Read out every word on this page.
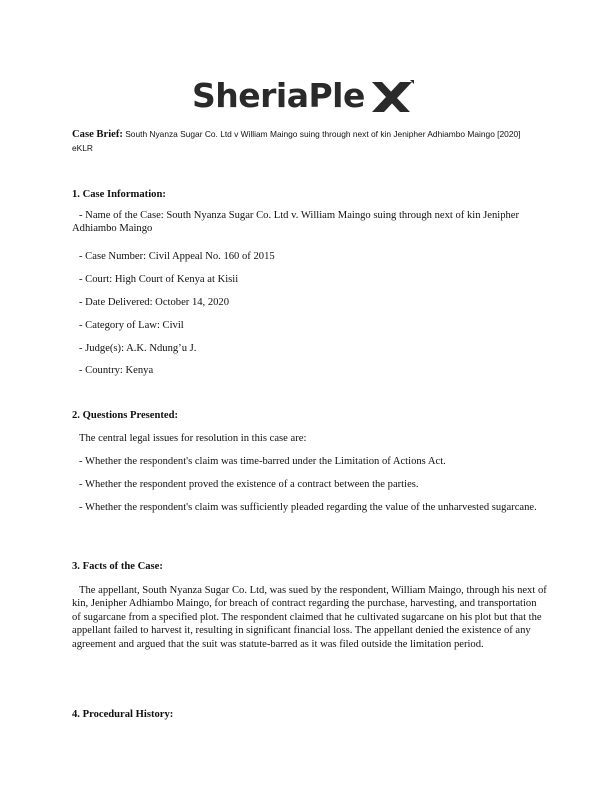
SheriaPle
Case Brief: South Nyanza Sugar Co. Ltd v William Maingo suing through next of kin Jenipher Adhiambo Maingo [2020] eKLR
1. Case Information:
- Name of the Case: South Nyanza Sugar Co. Ltd v. William Maingo suing through next of kin Jenipher Adhiambo Maingo
- Case Number: Civil Appeal No. 160 of 2015
- Court: High Court of Kenya at Kisii
- Date Delivered: October 14, 2020
- Category of Law: Civil
- Judge(s): A.K. Ndung’u J.
- Country: Kenya
2. Questions Presented:
The central legal issues for resolution in this case are:
- Whether the respondent's claim was time-barred under the Limitation of Actions Act.
- Whether the respondent proved the existence of a contract between the parties.
- Whether the respondent's claim was sufficiently pleaded regarding the value of the unharvested sugarcane.
3. Facts of the Case:
The appellant, South Nyanza Sugar Co. Ltd, was sued by the respondent, William Maingo, through his next of kin, Jenipher Adhiambo Maingo, for breach of contract regarding the purchase, harvesting, and transportation of sugarcane from a specified plot. The respondent claimed that he cultivated sugarcane on his plot but that the appellant failed to harvest it, resulting in significant financial loss. The appellant denied the existence of any agreement and argued that the suit was statute-barred as it was filed outside the limitation period.
4. Procedural History:
